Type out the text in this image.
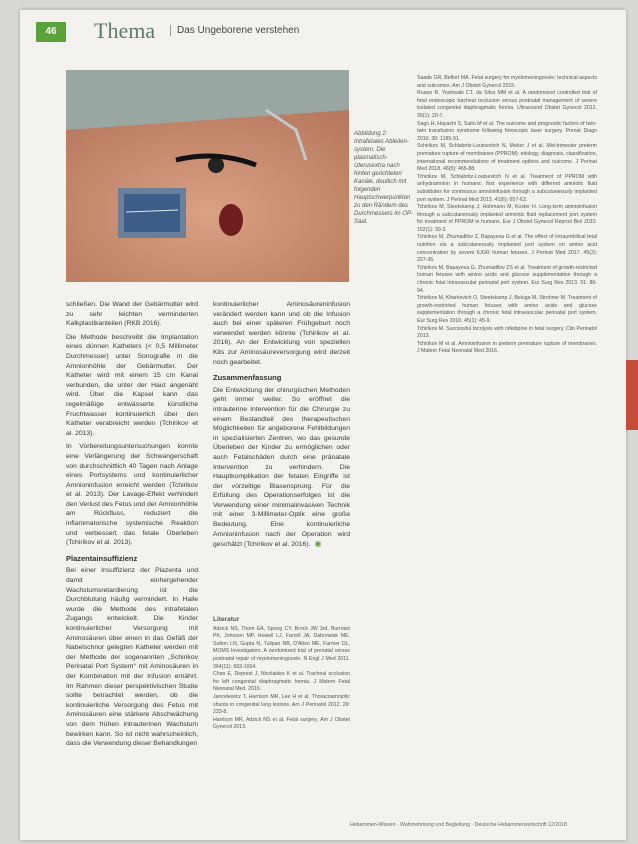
46	Thema	Das Ungeborene verstehen
Abbildung 2: Intrafetales Ableiten-system. Die plasmatisch-Uterusextra nach hinten gerichteten Kanäle, deutlich mit folgenden Hauptschwerpunkten zu den Rändern des Durchmessers im OP-Saal.

schließen. Die Wand der Gebärmutter wird zu sehr leichten verminderten Kalkplastikanteilen (RKB 2016).

Die Methode beschreibt die Implantation eines dünnen Katheters (< 0,5 Millimeter Durchmesser) unter Sonografie in die Amnionhöhle der Gebärmutter. Der Katheter wird mit einem 15 cm Kanal verbunden, die unter der Haut angenäht wird. Über die Kapsel kann das regelmäßige entwässerte künstliche Fruchtwasser kontinuierlich über den Katheter verabreicht werden (Tchirikov et al. 2013).

In Vorbereitungsuntersuchungen konnte eine Verlängerung der Schwangerschaft von durchschnittlich 40 Tagen nach Anlage eines Portsystems und kontinuierlicher Amnioninfusion erreicht werden (Tchirikov et al. 2013). Der Lavage-Effekt verhindert den Verlust des Fetus und der Amnionhöhle am Rückfluss, reduziert die inflammatorische systemische Reaktion und verbessert das fetale Überleben (Tchirikov et al. 2013).

Plazentainsuffizienz

Bei einer Insuffizienz der Plazenta und damit einhergehender Wachstumsretardierung ist die Durchblutung häufig vermindert. In Halle wurde die Methode des intrafetalen Zugangs entwickelt. Die Kinder kontinuierlicher Versorgung mit Aminosäuren über einen in das Gefäß der Nabelschnur gelegten Katheter werden mit der Methode der sogenannten „Schirikov Perinatal Port System“ mit Aminosäuren in der Kombination mit der Infusion ernährt. Im Rahmen dieser perspektivischen Studie sollte betrachtet werden, ob die kontinuierliche Versorgung des Fetus mit Aminosäuren eine stärkere Abschwächung von dem frühen intrauterinen Wachstum bewirken kann. So ist nicht wahrscheinlich, dass die Verwendung dieser Behandlungen

kontinuierlicher Aminosäureninfusion verändert werden kann und ob die Infusion auch bei einer späteren Frühgeburt noch verwendet werden könnte (Tchirikov et al. 2016). An der Entwicklung von speziellen Kits zur Aminosäureversorgung wird derzeit noch gearbeitet.

Zusammenfassung

Die Entwicklung der chirurgischen Methoden geht immer weiter. So eröffnet die intrauterine Intervention für die Chirurgie zu einem Bestandteil des therapeutischen Möglichkeiten für angeborene Fehlbildungen in spezialisierten Zentren, wo das gesunde Überleben der Kinder zu ermöglichen oder auch Fetalschäden durch eine pränatale Intervention zu verhindern. Die Hauptkomplikation der fetalen Eingriffe ist der vorzeitige Blasensprung. Für die Erfüllung des Operationserfolges ist die Verwendung einer minimalinvasiven Technik mit einer 3-Millimeter-Optik eine große Bedeutung. Eine kontinuierliche Amnioninfusion nach der Operation wird geschätzt (Tchirikov et al. 2016). ◉

Literatur
Adzick NS, Thom EA, Spong CY, Brock JW 3rd, Burrows PK, Johnson MP, Howell LJ, Farrell JA, Dabrowiak ME, Sutton LN, Gupta N, Tulipan NB, D'Alton ME, Farmer DL, MOMS Investigators. A randomized trial of prenatal versus postnatal repair of myelomeningocele. N Engl J Med 2011. 364(11): 993-1004.
Chan E, Deprest J, Nicolaides K et al. Tracheal occlusion for left congenital diaphragmatic hernia. J Matern Fetal Neonatal Med. 2016.
Jancelewicz T, Harrison MR, Lee H et al. Thoracoamniotic shunts in congenital lung lesions. Am J Perinatol 2012. 29: 233-8.
Harrison MR, Adzick NS et al. Fetal surgery. Am J Obstet Gynecol 2013.
Saade GR, Belfort MA. Fetal surgery for myelomeningocele: technical aspects and outcomes. Am J Obstet Gynecol 2015.
Ruano R, Yoshisaki CT, da Silva MM et al. A randomized controlled trial of fetal endoscopic tracheal occlusion versus postnatal management of severe isolated congenital diaphragmatic hernia. Ultrasound Obstet Gynecol 2012. 39(1): 20-7.
Sago H, Hayashi S, Saito M et al. The outcome and prognostic factors of twin-twin transfusion syndrome following fetoscopic laser surgery. Prenat Diagn 2010. 30: 1185-91.
Schirikov M, Schlabritz-Loutsevitch N, Maher J et al. Mid-trimester preterm premature rupture of membranes (PPROM): etiology, diagnosis, classification, international recommendations of treatment options and outcome. J Perinat Med 2018. 46(5): 465-88.
Tchirikov M, Schlabritz-Loutsevitch N et al. Treatment of PPROM with anhydramnion in humans: first experience with different amniotic fluid substitutes for continuous amnioinfusion through a subcutaneously implanted port system. J Perinat Med 2013. 41(6): 657-63.
Tchirikov M, Steetskamp J, Hohmann M, Koster H. Long-term amnioinfusion through a subcutaneously implanted amniotic fluid replacement port system for treatment of PPROM in humans. Eur J Obstet Gynecol Reprod Biol 2010. 152(1): 30-3.
Tchirikov M, Zhumadilov Z, Bapayeva G et al. The effect of intraumbilical fetal nutrition via a subcutaneously implanted port system on amino acid concentration by severe IUGR human fetuses. J Perinat Med 2017. 45(2): 227-36.
Tchirikov M, Bapayeva G, Zhumadilov ZS et al. Treatment of growth-restricted human fetuses with amino acids and glucose supplementation through a chronic fetal intravascular perinatal port system. Eur Surg Res 2013. 51: 86-94.
Tchirikov M, Kharkevich O, Steetskamp J, Beluga M, Strohner M. Treatment of growth-restricted human fetuses with amino acids and glucose supplementation through a chronic fetal intravascular perinatal port system. Eur Surg Res 2010. 45(1): 45-9.
Tchirikov M. Successful tocolysis with nifedipine in fetal surgery. Clin Perinatol 2013.
Tchirikov M et al. Amnioinfusion in preterm premature rupture of membranes. J Matern Fetal Neonatal Med 2016.
Hebammen-Wissen · Wahrnehmung und Begleitung · Deutsche Hebammenzeitschrift 12/2018
